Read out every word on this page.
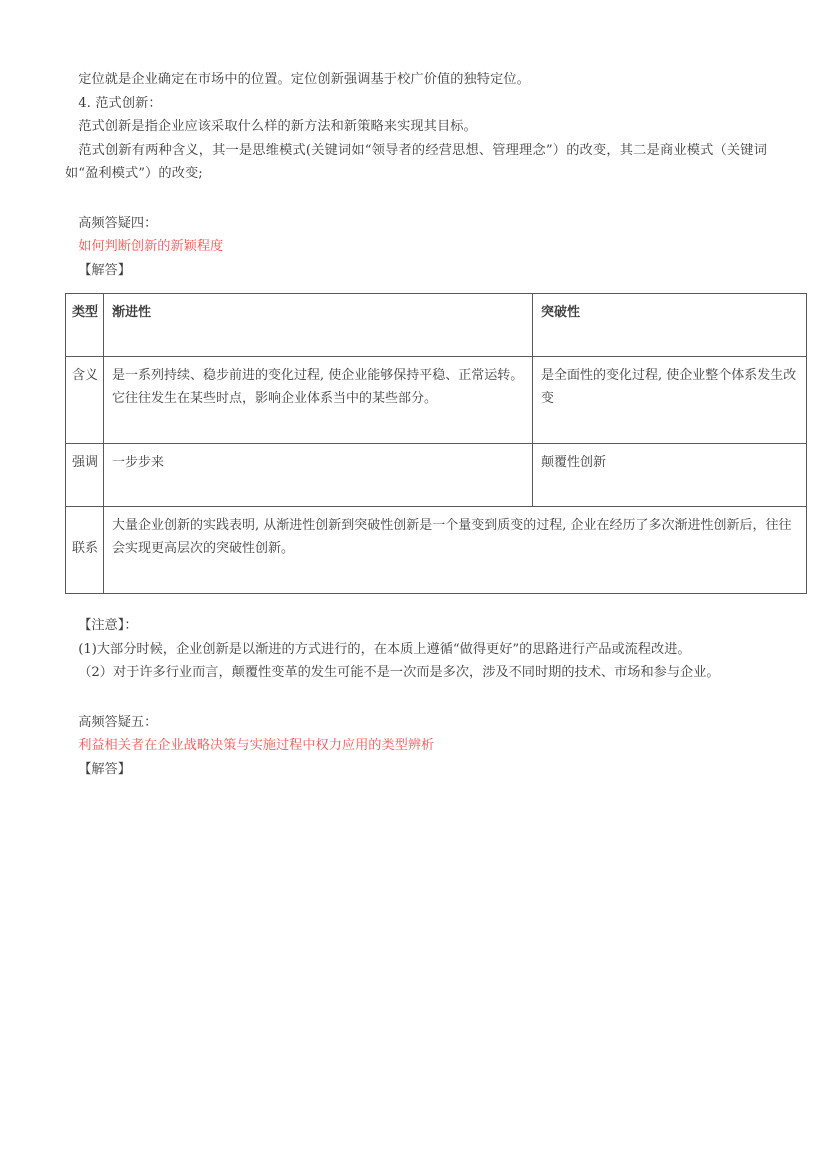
定位就是企业确定在市场中的位置。定位创新强调基于校广价值的独特定位。

4. 范式创新：

范式创新是指企业应该采取什么样的新方法和新策略来实现其目标。

范式创新有两种含义，其一是思维模式(关键词如“领导者的经营思想、管理理念”）的改变，其二是商业模式（关键词如“盈利模式”）的改变;

高频答疑四：

如何判断创新的新颖程度

【解答】

类型	渐进性	突破性
含义	是一系列持续、稳步前进的变化过程, 使企业能够保持平稳、正常运转。它往往发生在某些时点，影响企业体系当中的某些部分。	是全面性的变化过程, 使企业整个体系发生改变
强调	一步步来	颠覆性创新
联系	大量企业创新的实践表明, 从渐进性创新到突破性创新是一个量变到质变的过程, 企业在经历了多次渐进性创新后，往往会实现更高层次的突破性创新。	

【注意】：

(1)大部分时候，企业创新是以渐进的方式进行的，在本质上遵循“做得更好”的思路进行产品或流程改进。

（2）对于许多行业而言，颠覆性变革的发生可能不是一次而是多次，涉及不同时期的技术、市场和参与企业。

高频答疑五：

利益相关者在企业战略决策与实施过程中权力应用的类型辨析

【解答】
